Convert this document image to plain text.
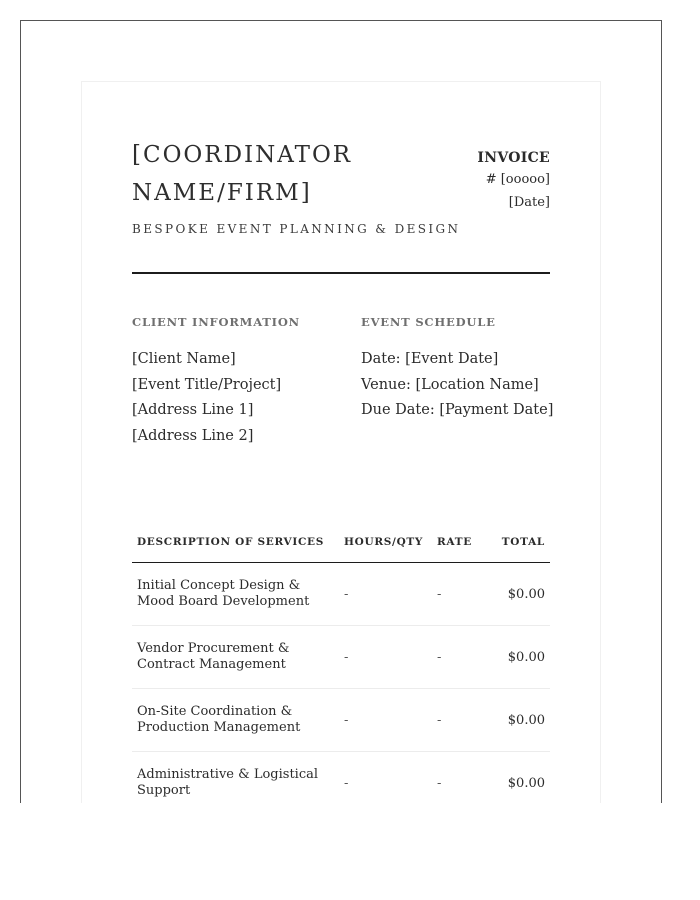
[COORDINATOR NAME/FIRM]
BESPOKE EVENT PLANNING & DESIGN
INVOICE
# [ooooo]
[Date]
CLIENT INFORMATION
[Client Name]
[Event Title/Project]
[Address Line 1]
[Address Line 2]
EVENT SCHEDULE
Date: [Event Date]
Venue: [Location Name]
Due Date: [Payment Date]
DESCRIPTION OF SERVICES	HOURS/QTY	RATE	TOTAL
Initial Concept Design & Mood Board Development	-	-	$0.00
Vendor Procurement & Contract Management	-	-	$0.00
On-Site Coordination & Production Management	-	-	$0.00
Administrative & Logistical Support	-	-	$0.00
